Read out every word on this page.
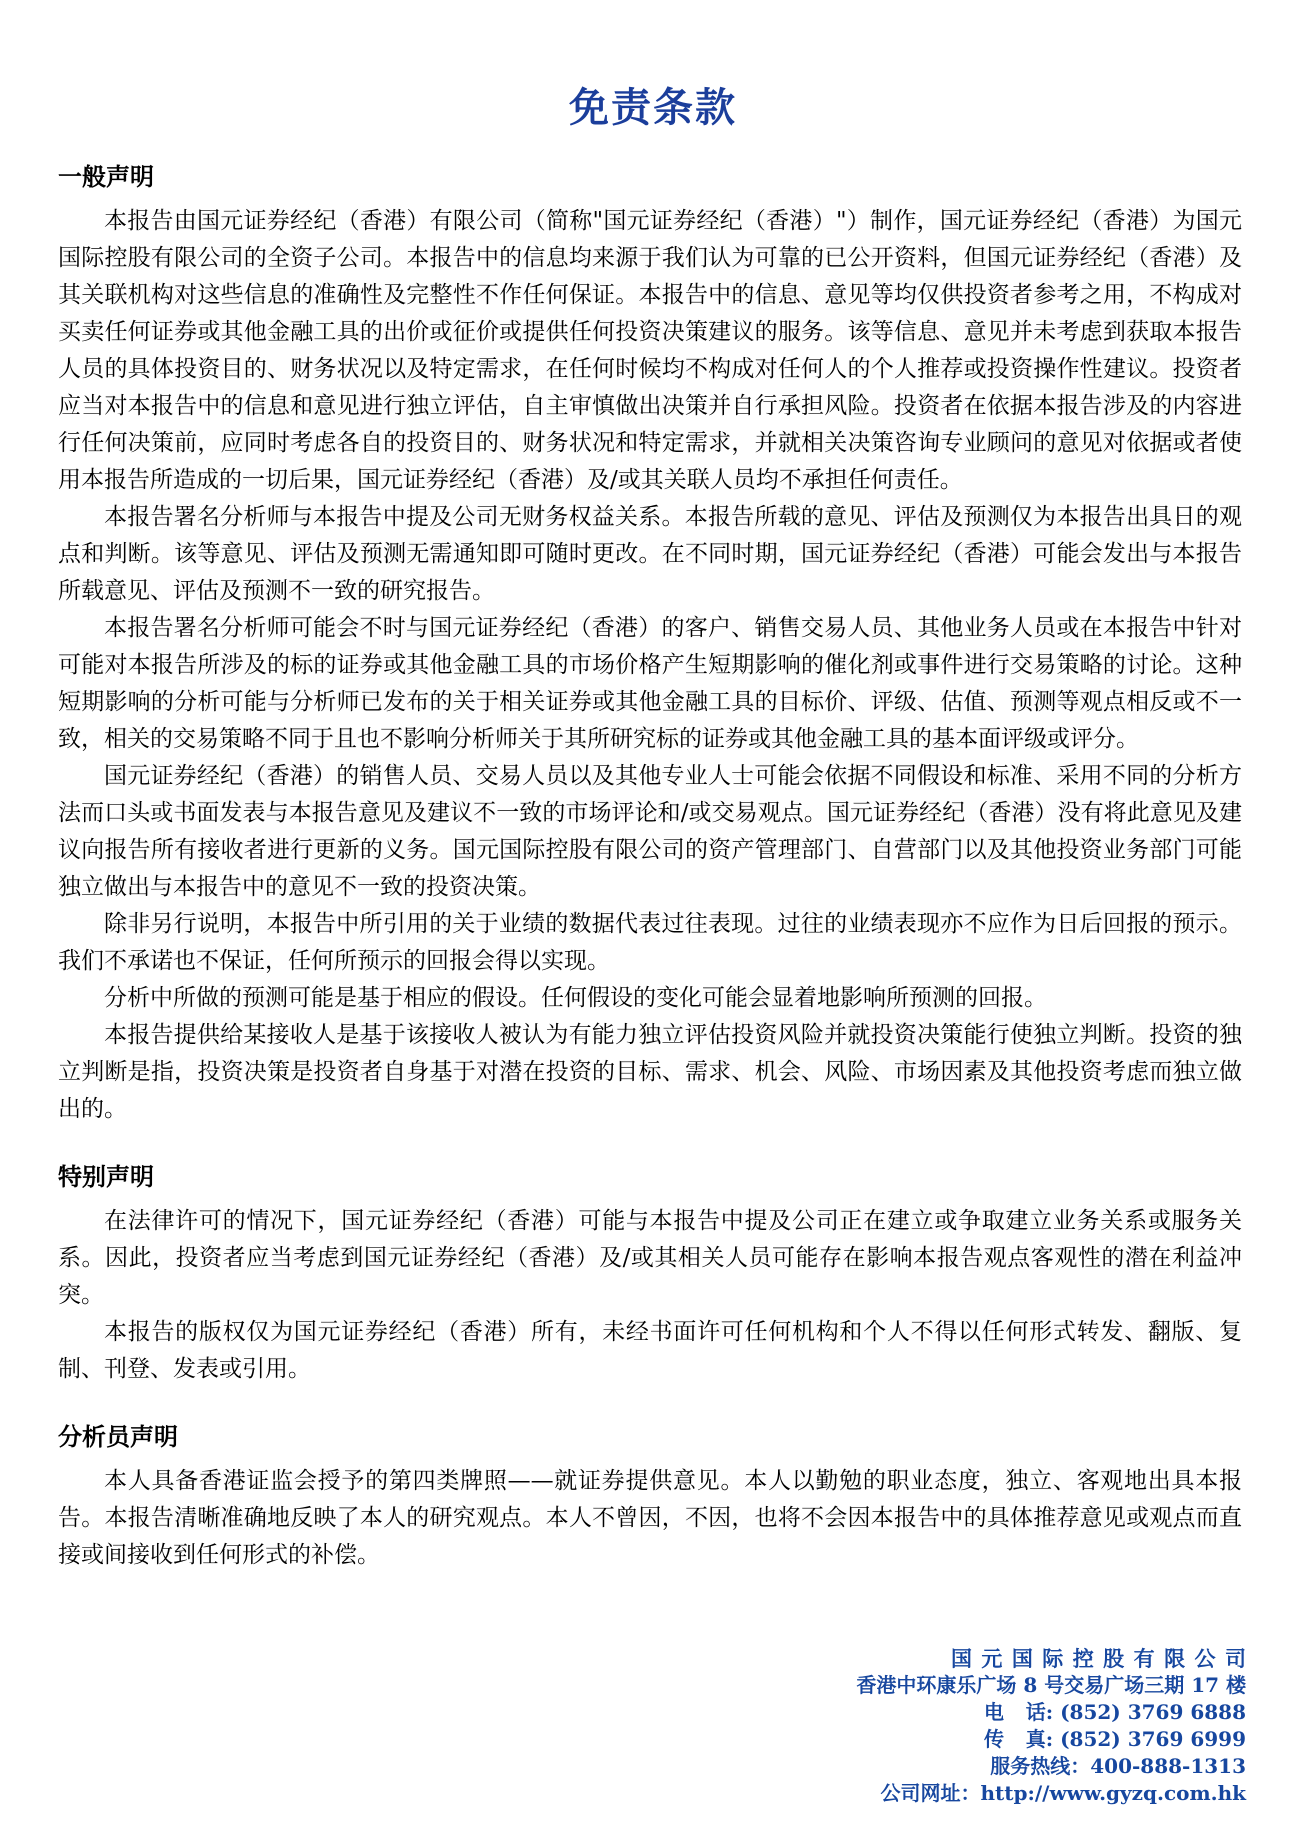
免责条款
一般声明

本报告由国元证券经纪（香港）有限公司（简称"国元证券经纪（香港）"）制作，国元证券经纪（香港）为国元国际控股有限公司的全资子公司。本报告中的信息均来源于我们认为可靠的已公开资料，但国元证券经纪（香港）及其关联机构对这些信息的准确性及完整性不作任何保证。本报告中的信息、意见等均仅供投资者参考之用，不构成对买卖任何证券或其他金融工具的出价或征价或提供任何投资决策建议的服务。该等信息、意见并未考虑到获取本报告人员的具体投资目的、财务状况以及特定需求，在任何时候均不构成对任何人的个人推荐或投资操作性建议。投资者应当对本报告中的信息和意见进行独立评估，自主审慎做出决策并自行承担风险。投资者在依据本报告涉及的内容进行任何决策前，应同时考虑各自的投资目的、财务状况和特定需求，并就相关决策咨询专业顾问的意见对依据或者使用本报告所造成的一切后果，国元证券经纪（香港）及/或其关联人员均不承担任何责任。

本报告署名分析师与本报告中提及公司无财务权益关系。本报告所载的意见、评估及预测仅为本报告出具日的观点和判断。该等意见、评估及预测无需通知即可随时更改。在不同时期，国元证券经纪（香港）可能会发出与本报告所载意见、评估及预测不一致的研究报告。

本报告署名分析师可能会不时与国元证券经纪（香港）的客户、销售交易人员、其他业务人员或在本报告中针对可能对本报告所涉及的标的证券或其他金融工具的市场价格产生短期影响的催化剂或事件进行交易策略的讨论。这种短期影响的分析可能与分析师已发布的关于相关证券或其他金融工具的目标价、评级、估值、预测等观点相反或不一致，相关的交易策略不同于且也不影响分析师关于其所研究标的证券或其他金融工具的基本面评级或评分。

国元证券经纪（香港）的销售人员、交易人员以及其他专业人士可能会依据不同假设和标准、采用不同的分析方法而口头或书面发表与本报告意见及建议不一致的市场评论和/或交易观点。国元证券经纪（香港）没有将此意见及建议向报告所有接收者进行更新的义务。国元国际控股有限公司的资产管理部门、自营部门以及其他投资业务部门可能独立做出与本报告中的意见不一致的投资决策。

除非另行说明，本报告中所引用的关于业绩的数据代表过往表现。过往的业绩表现亦不应作为日后回报的预示。我们不承诺也不保证，任何所预示的回报会得以实现。

分析中所做的预测可能是基于相应的假设。任何假设的变化可能会显着地影响所预测的回报。

本报告提供给某接收人是基于该接收人被认为有能力独立评估投资风险并就投资决策能行使独立判断。投资的独立判断是指，投资决策是投资者自身基于对潜在投资的目标、需求、机会、风险、市场因素及其他投资考虑而独立做出的。

特别声明

在法律许可的情况下，国元证券经纪（香港）可能与本报告中提及公司正在建立或争取建立业务关系或服务关系。因此，投资者应当考虑到国元证券经纪（香港）及/或其相关人员可能存在影响本报告观点客观性的潜在利益冲突。

本报告的版权仅为国元证券经纪（香港）所有，未经书面许可任何机构和个人不得以任何形式转发、翻版、复制、刊登、发表或引用。

分析员声明

本人具备香港证监会授予的第四类牌照——就证券提供意见。本人以勤勉的职业态度，独立、客观地出具本报告。本报告清晰准确地反映了本人的研究观点。本人不曾因，不因，也将不会因本报告中的具体推荐意见或观点而直接或间接收到任何形式的补偿。

国元国际控股有限公司
香港中环康乐广场 8 号交易广场三期 17 楼
电 话: (852) 3769 6888
传 真: (852) 3769 6999
服务热线：400-888-1313
公司网址：http://www.gyzq.com.hk
